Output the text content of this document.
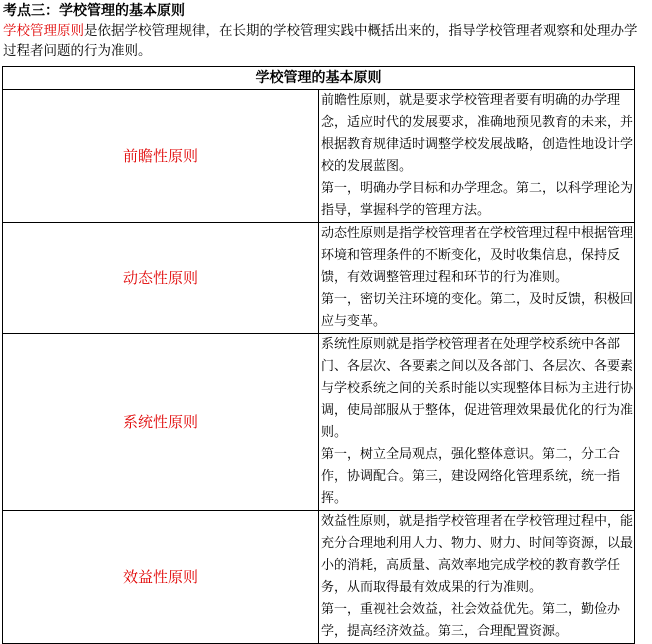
考点三：学校管理的基本原则
学校管理原则是依据学校管理规律，在长期的学校管理实践中概括出来的，指导学校管理者观察和处理办学过程者问题的行为准则。
学校管理的基本原则	

前瞻性原则	前瞻性原则，就是要求学校管理者要有明确的办学理念，适应时代的发展要求，准确地预见教育的未来，并根据教育规律适时调整学校发展战略，创造性地设计学校的发展蓝图。

第一，明确办学目标和办学理念。第二，以科学理论为指导，掌握科学的管理方法。

动态性原则	动态性原则是指学校管理者在学校管理过程中根据管理环境和管理条件的不断变化，及时收集信息，保持反馈，有效调整管理过程和环节的行为准则。

第一，密切关注环境的变化。第二，及时反馈，积极回应与变革。

系统性原则	系统性原则就是指学校管理者在处理学校系统中各部门、各层次、各要素之间以及各部门、各层次、各要素与学校系统之间的关系时能以实现整体目标为主进行协调，使局部服从于整体，促进管理效果最优化的行为准则。

第一，树立全局观点，强化整体意识。第二，分工合作，协调配合。第三，建设网络化管理系统，统一指挥。

效益性原则	效益性原则，就是指学校管理者在学校管理过程中，能充分合理地利用人力、物力、财力、时间等资源，以最小的消耗，高质量、高效率地完成学校的教育教学任务，从而取得最有效成果的行为准则。

第一，重视社会效益，社会效益优先。第二，勤俭办学，提高经济效益。第三，合理配置资源。
